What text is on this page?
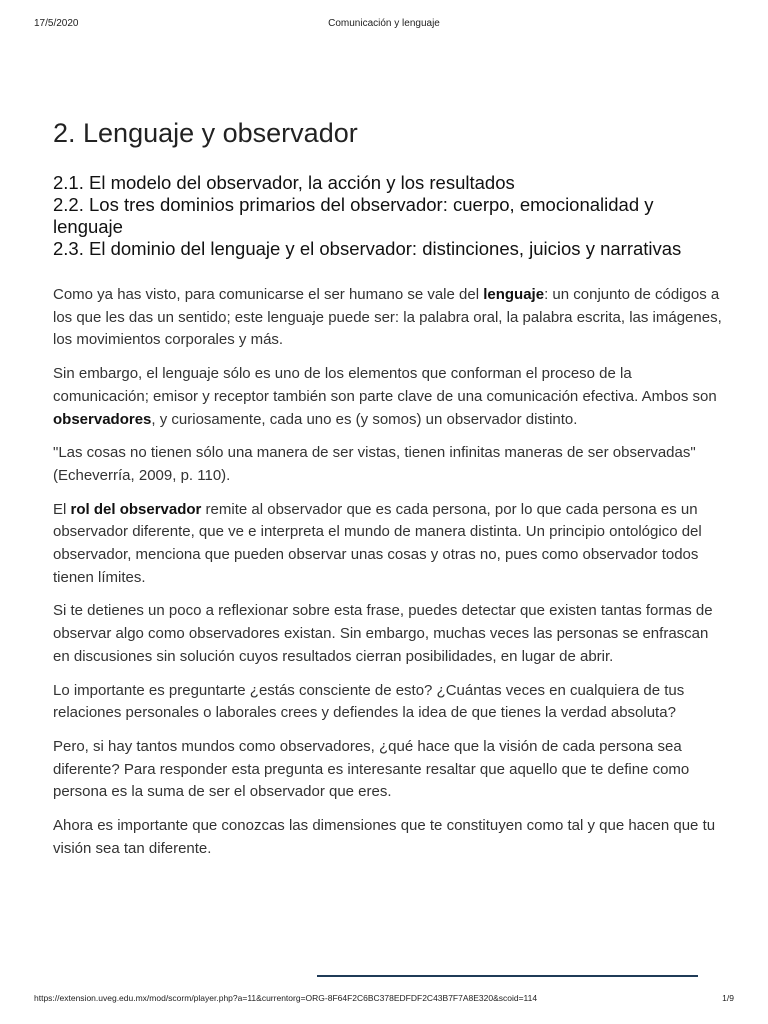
17/5/2020	Comunicación y lenguaje
2. Lenguaje y observador
2.1. El modelo del observador, la acción y los resultados
2.2. Los tres dominios primarios del observador: cuerpo, emocionalidad y lenguaje
2.3. El dominio del lenguaje y el observador: distinciones, juicios y narrativas

Como ya has visto, para comunicarse el ser humano se vale del lenguaje: un conjunto de códigos a los que les das un sentido; este lenguaje puede ser: la palabra oral, la palabra escrita, las imágenes, los movimientos corporales y más.

Sin embargo, el lenguaje sólo es uno de los elementos que conforman el proceso de la comunicación; emisor y receptor también son parte clave de una comunicación efectiva. Ambos son observadores, y curiosamente, cada uno es (y somos) un observador distinto.

"Las cosas no tienen sólo una manera de ser vistas, tienen infinitas maneras de ser observadas" (Echeverría, 2009, p. 110).

El rol del observador remite al observador que es cada persona, por lo que cada persona es un observador diferente, que ve e interpreta el mundo de manera distinta. Un principio ontológico del observador, menciona que pueden observar unas cosas y otras no, pues como observador todos tienen límites.

Si te detienes un poco a reflexionar sobre esta frase, puedes detectar que existen tantas formas de observar algo como observadores existan. Sin embargo, muchas veces las personas se enfrascan en discusiones sin solución cuyos resultados cierran posibilidades, en lugar de abrir.

Lo importante es preguntarte ¿estás consciente de esto? ¿Cuántas veces en cualquiera de tus relaciones personales o laborales crees y defiendes la idea de que tienes la verdad absoluta?

Pero, si hay tantos mundos como observadores, ¿qué hace que la visión de cada persona sea diferente? Para responder esta pregunta es interesante resaltar que aquello que te define como persona es la suma de ser el observador que eres.

Ahora es importante que conozcas las dimensiones que te constituyen como tal y que hacen que tu visión sea tan diferente.

https://extension.uveg.edu.mx/mod/scorm/player.php?a=11&currentorg=ORG-8F64F2C6BC378EDFDF2C43B7F7A8E320&scoid=114	1/9
